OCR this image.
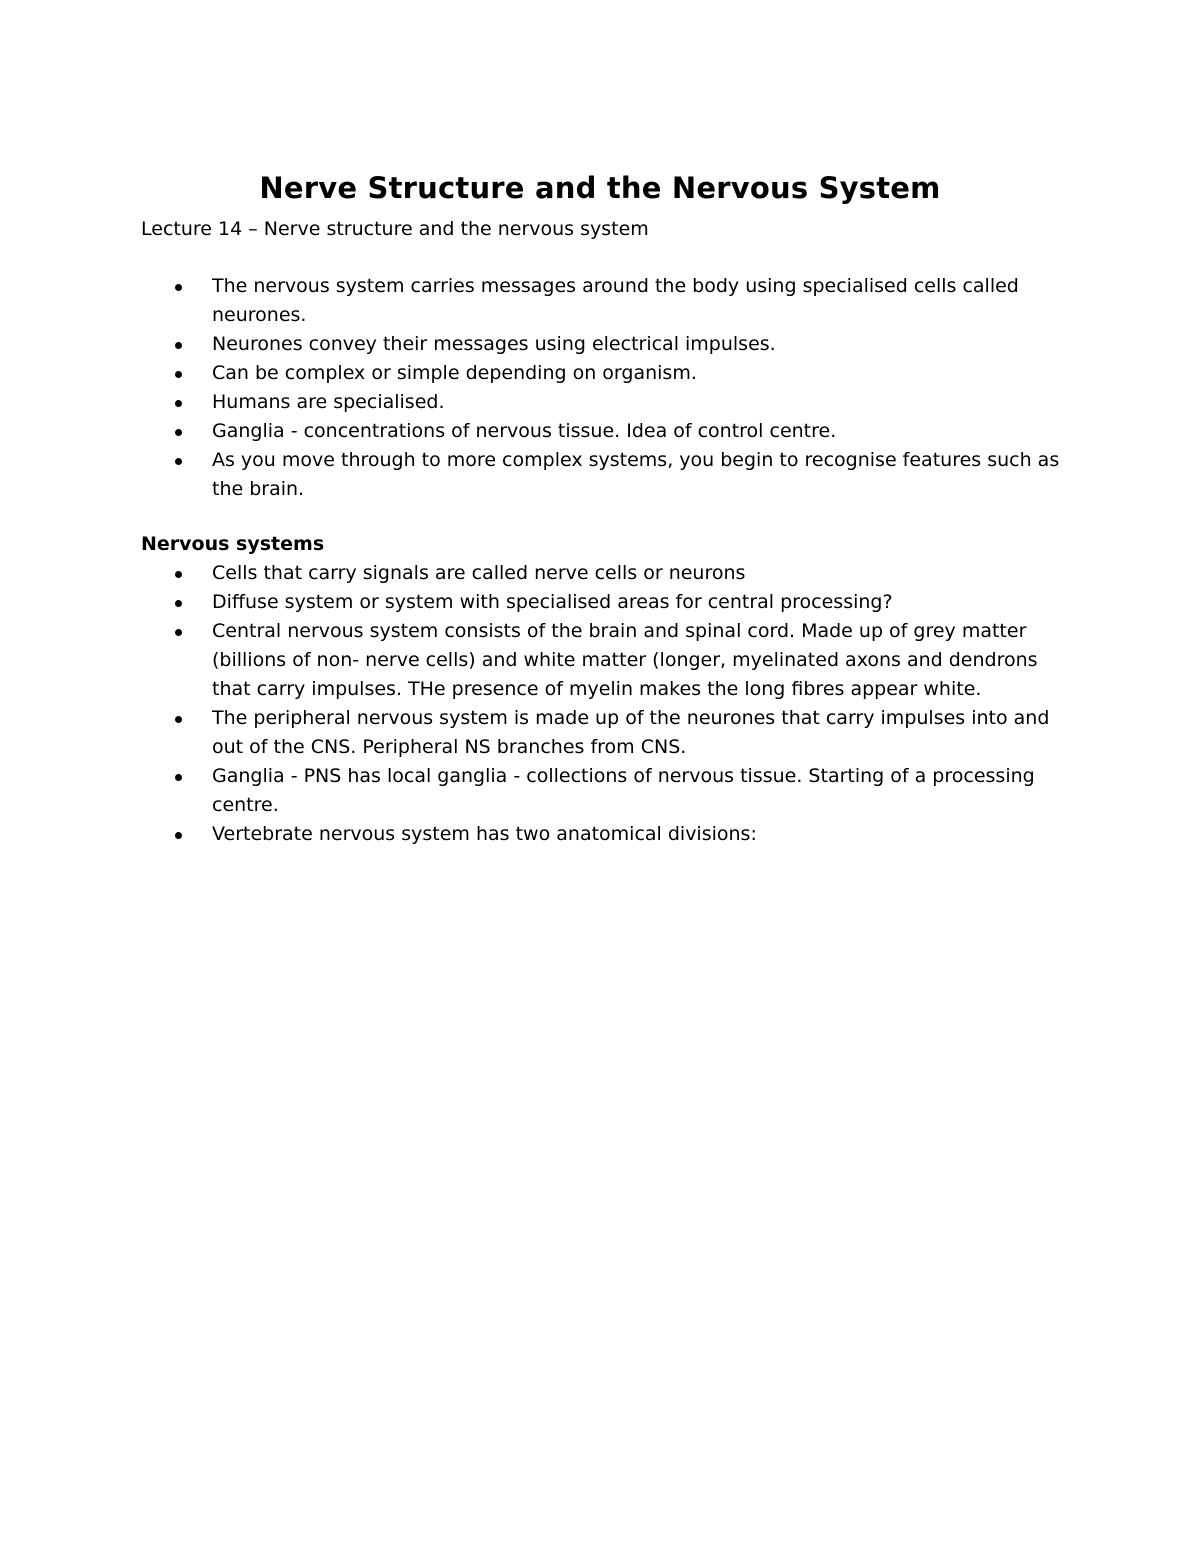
Nerve Structure and the Nervous System

Lecture 14 – Nerve structure and the nervous system

The nervous system carries messages around the body using specialised cells called neurones.
Neurones convey their messages using electrical impulses.
Can be complex or simple depending on organism.
Humans are specialised.
Ganglia - concentrations of nervous tissue. Idea of control centre.
As you move through to more complex systems, you begin to recognise features such as the brain.

Nervous systems

Cells that carry signals are called nerve cells or neurons
Diffuse system or system with specialised areas for central processing?
Central nervous system consists of the brain and spinal cord. Made up of grey matter (billions of non- nerve cells) and white matter (longer, myelinated axons and dendrons that carry impulses. THe presence of myelin makes the long fibres appear white.
The peripheral nervous system is made up of the neurones that carry impulses into and out of the CNS. Peripheral NS branches from CNS.
Ganglia - PNS has local ganglia - collections of nervous tissue. Starting of a processing centre.
Vertebrate nervous system has two anatomical divisions:
